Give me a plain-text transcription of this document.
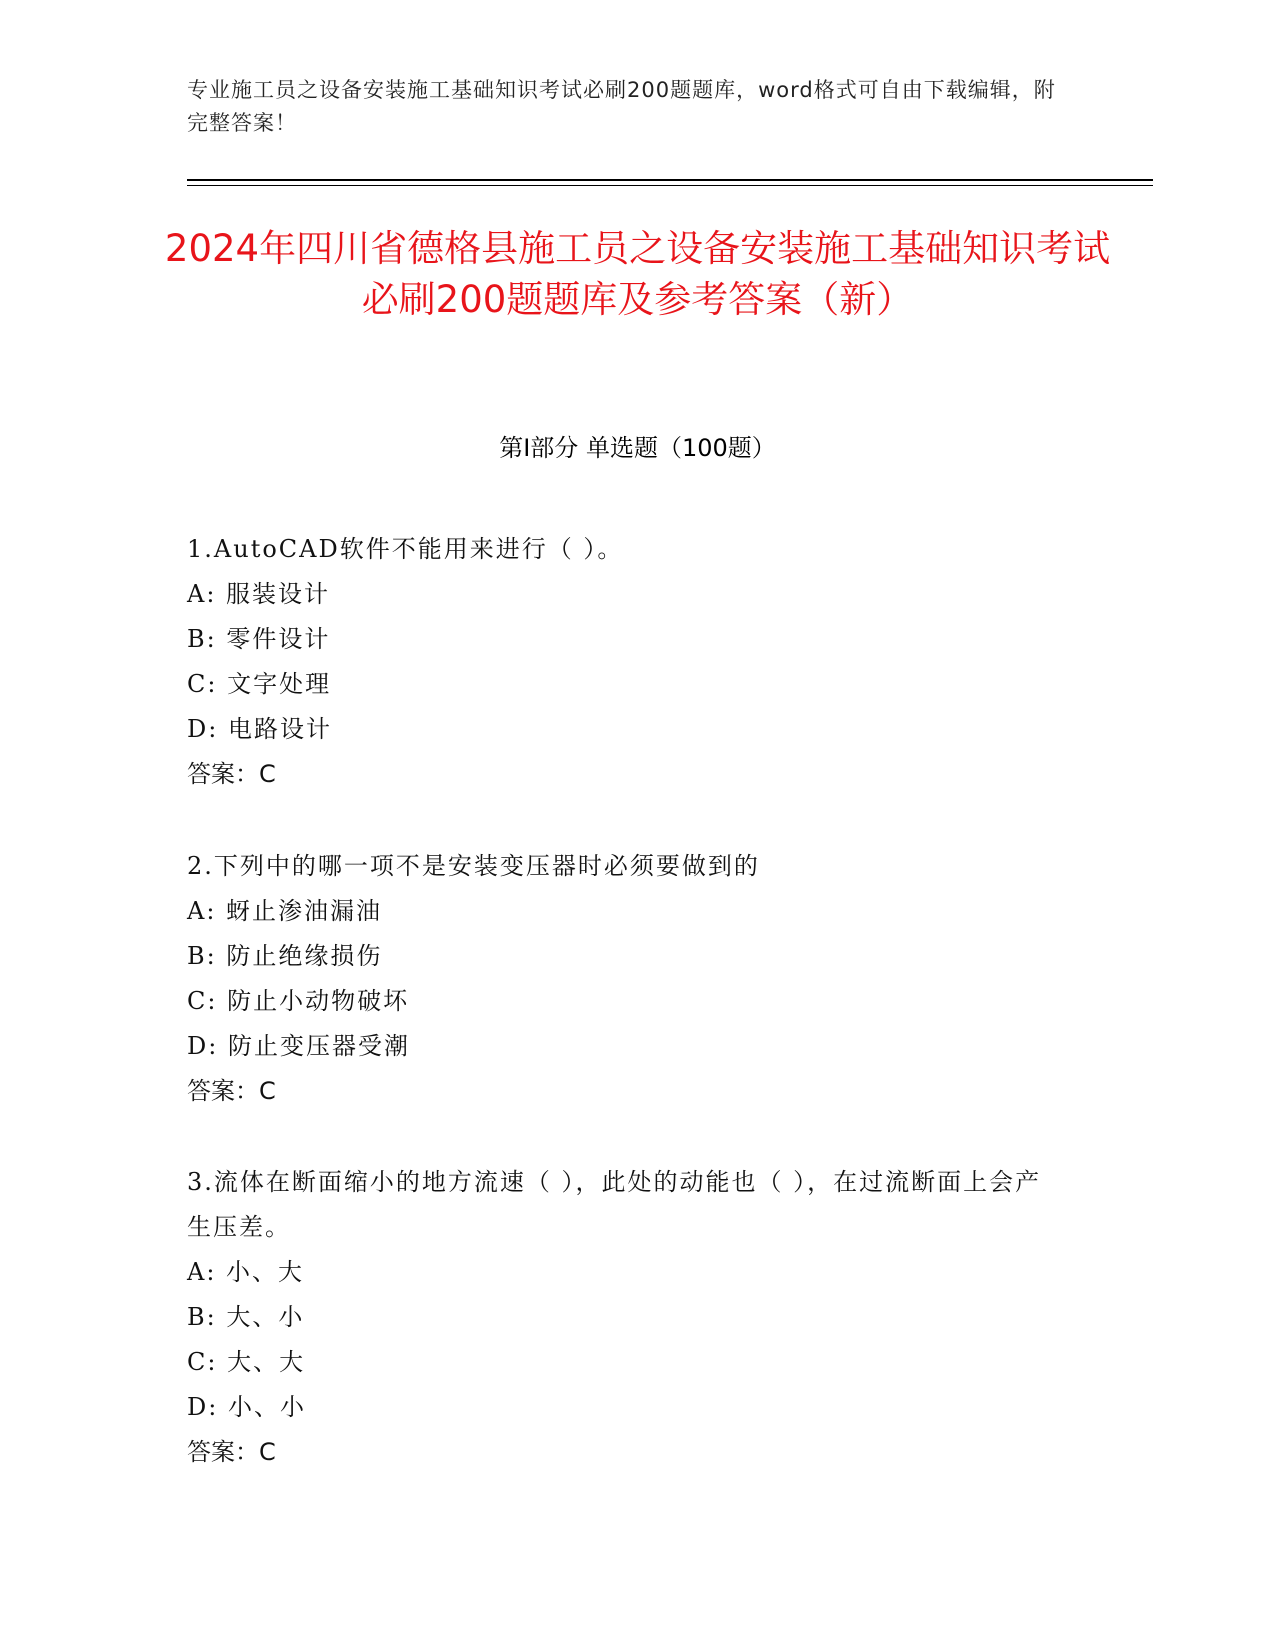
专业施工员之设备安装施工基础知识考试必刷200题题库，word格式可自由下载编辑，附完整答案！
2024年四川省德格县施工员之设备安装施工基础知识考试必刷200题题库及参考答案（新）
第I部分 单选题（100题）
1.AutoCAD软件不能用来进行（ ）。
A: 服装设计
B: 零件设计
C: 文字处理
D: 电路设计
答案：C
2.下列中的哪一项不是安装变压器时必须要做到的
A: 蚜止渗油漏油
B: 防止绝缘损伤
C: 防止小动物破坏
D: 防止变压器受潮
答案：C
3.流体在断面缩小的地方流速（ ），此处的动能也（ ），在过流断面上会产生压差。
A: 小、大
B: 大、小
C: 大、大
D: 小、小
答案：C
